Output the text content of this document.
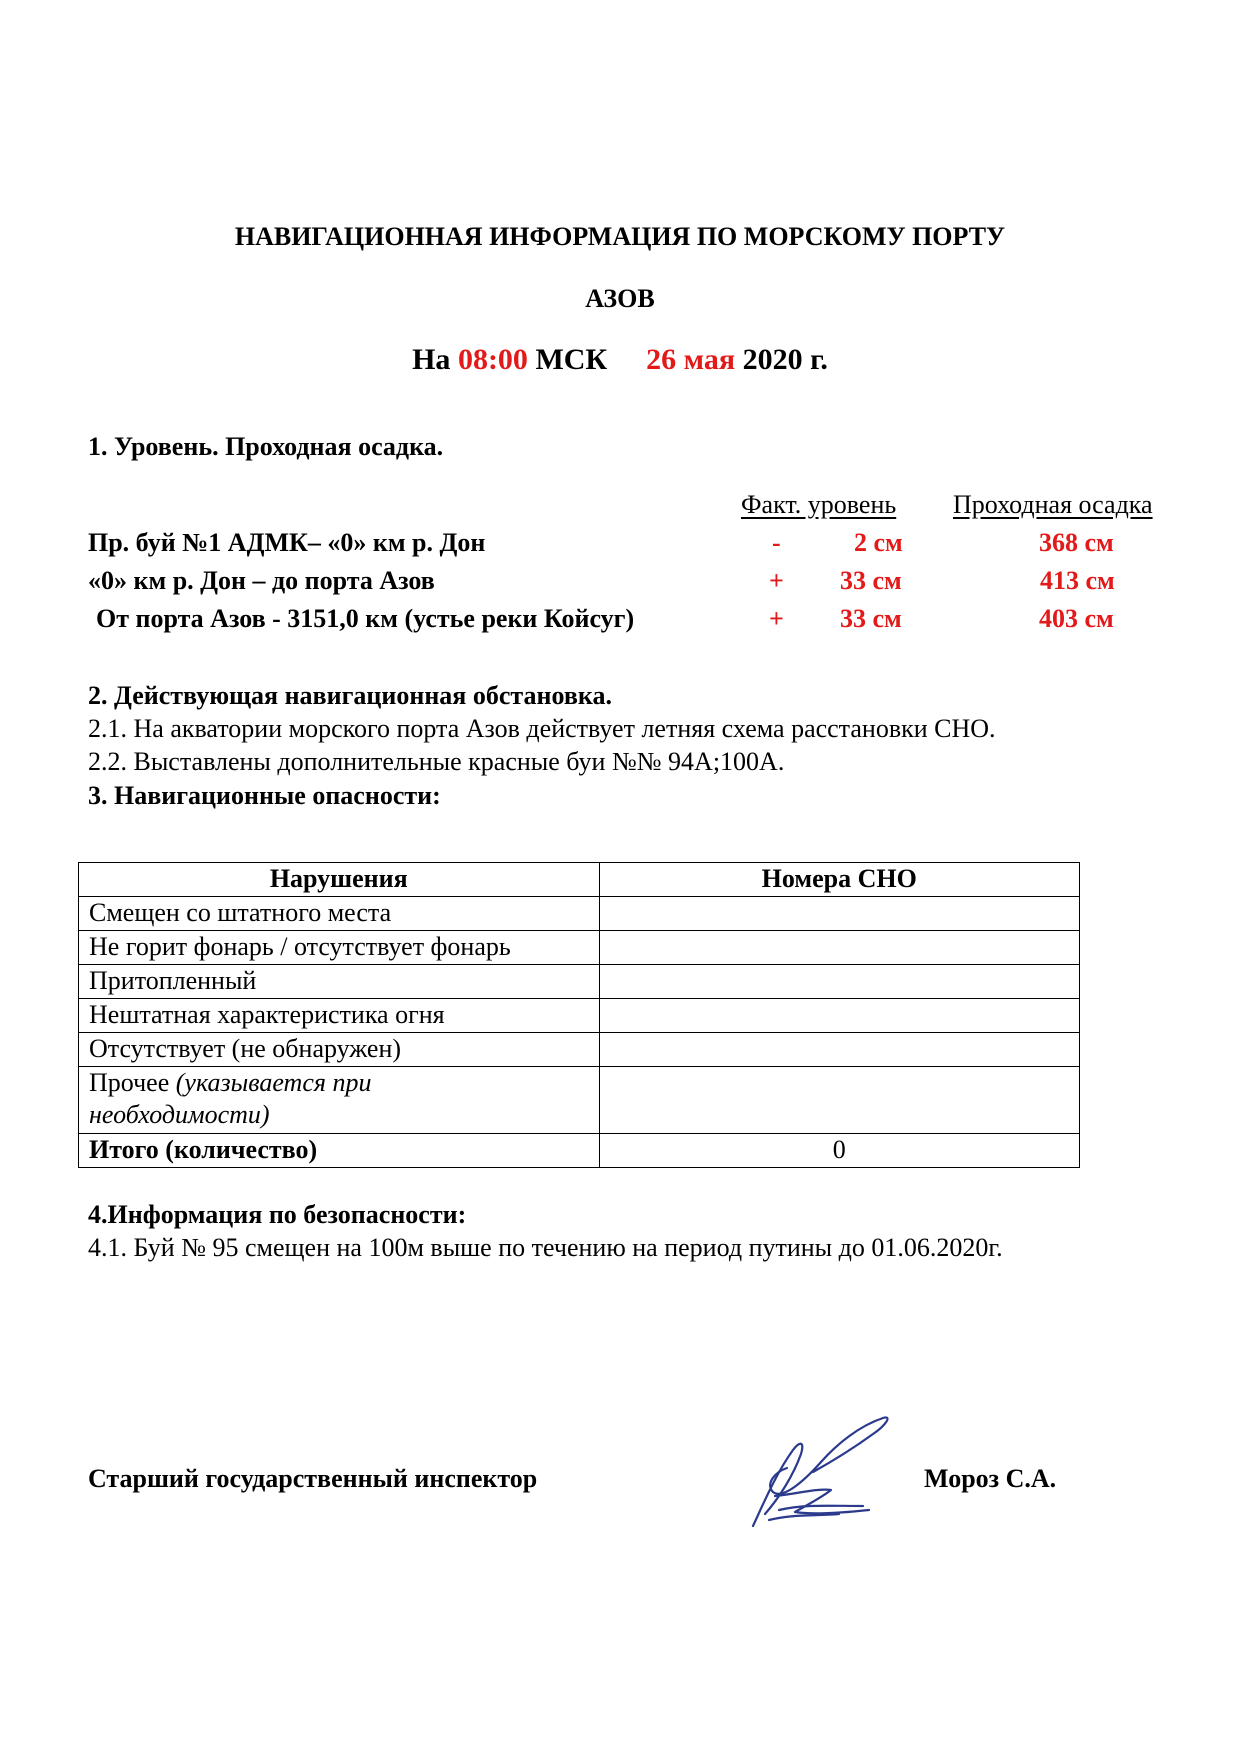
НАВИГАЦИОННАЯ ИНФОРМАЦИЯ ПО МОРСКОМУ ПОРТУ
АЗОВ
На 08:00 МСК 26 мая 2020 г.
1. Уровень. Проходная осадка.
Факт. уровень Проходная осадка
Пр. буй №1 АДМК– «0» км р. Дон	-	2 см	368 см
«0» км р. Дон – до порта Азов	+ 33 см	413 см
От порта Азов - 3151,0 км (устье реки Койсуг)	+ 33 см	403 см
2. Действующая навигационная обстановка.
2.1. На акватории морского порта Азов действует летняя схема расстановки СНО.
2.2. Выставлены дополнительные красные буи №№ 94А;100А.
3. Навигационные опасности:
Нарушения	Номера СНО
Смещен со штатного места	
Не горит фонарь / отсутствует фонарь	
Притопленный	
Нештатная характеристика огня	
Отсутствует (не обнаружен)	
Прочее (указывается при
необходимости)	
Итого (количество)	0
4.Информация по безопасности:
4.1. Буй № 95 смещен на 100м выше по течению на период путины до 01.06.2020г.
Старший государственный инспектор	Мороз С.А.
